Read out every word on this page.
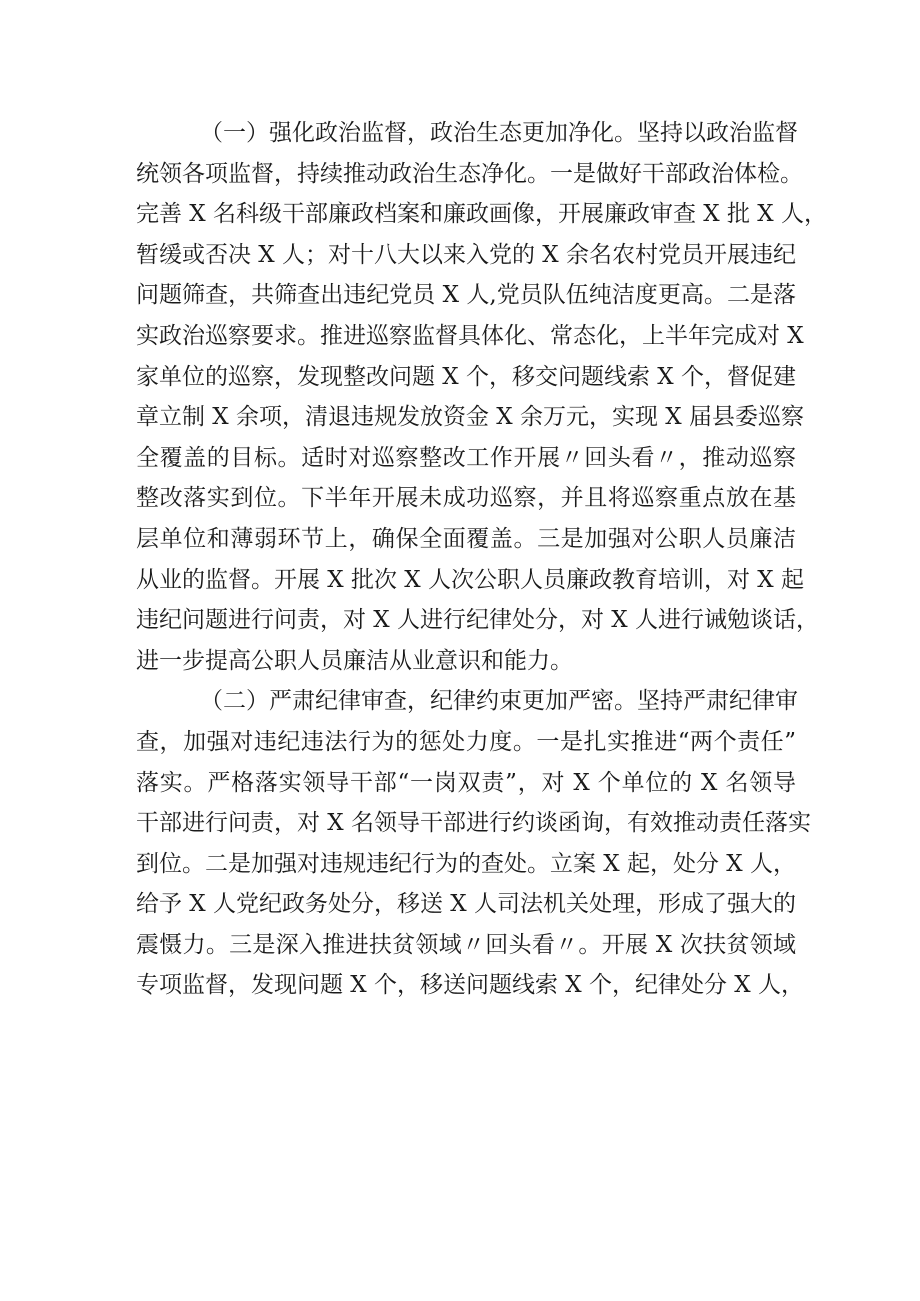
（一）强化政治监督，政治生态更加净化。坚持以政治监督
统领各项监督，持续推动政治生态净化。一是做好干部政治体检。
完善 X 名科级干部廉政档案和廉政画像，开展廉政审查 X 批 X 人，
暂缓或否决 X 人；对十八大以来入党的 X 余名农村党员开展违纪
问题筛查，共筛查出违纪党员 X 人,党员队伍纯洁度更高。二是落
实政治巡察要求。推进巡察监督具体化、常态化，上半年完成对 X
家单位的巡察，发现整改问题 X 个，移交问题线索 X 个，督促建
章立制 X 余项，清退违规发放资金 X 余万元，实现 X 届县委巡察
全覆盖的目标。适时对巡察整改工作开展〃回头看〃，推动巡察
整改落实到位。下半年开展未成功巡察，并且将巡察重点放在基
层单位和薄弱环节上，确保全面覆盖。三是加强对公职人员廉洁
从业的监督。开展 X 批次 X 人次公职人员廉政教育培训，对 X 起
违纪问题进行问责，对 X 人进行纪律处分，对 X 人进行诫勉谈话，
进一步提高公职人员廉洁从业意识和能力。
（二）严肃纪律审查，纪律约束更加严密。坚持严肃纪律审
查，加强对违纪违法行为的惩处力度。一是扎实推进“两个责任”
落实。严格落实领导干部“一岗双责”，对 X 个单位的 X 名领导
干部进行问责，对 X 名领导干部进行约谈函询，有效推动责任落实
到位。二是加强对违规违纪行为的查处。立案 X 起，处分 X 人，
给予 X 人党纪政务处分，移送 X 人司法机关处理，形成了强大的
震慑力。三是深入推进扶贫领域〃回头看〃。开展 X 次扶贫领域
专项监督，发现问题 X 个，移送问题线索 X 个，纪律处分 X 人，
